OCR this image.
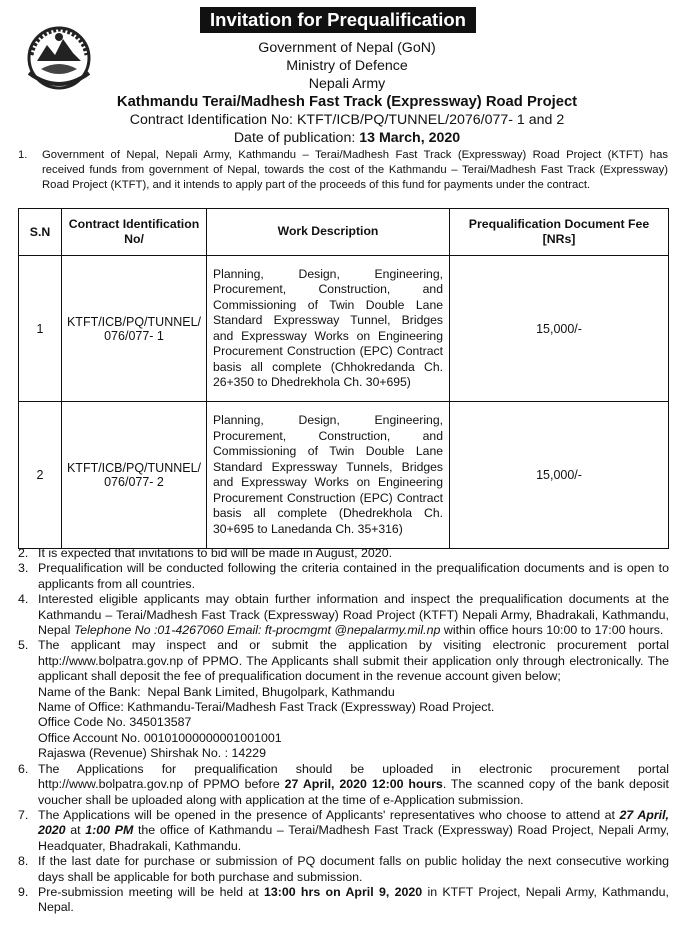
Invitation for Prequalification
Government of Nepal (GoN)
Ministry of Defence
Nepali Army
Kathmandu Terai/Madhesh Fast Track (Expressway) Road Project
Contract Identification No: KTFT/ICB/PQ/TUNNEL/2076/077- 1 and 2
Date of publication: 13 March, 2020
1. Government of Nepal, Nepali Army, Kathmandu – Terai/Madhesh Fast Track (Expressway) Road Project (KTFT) has received funds from government of Nepal, towards the cost of the Kathmandu – Terai/Madhesh Fast Track (Expressway) Road Project (KTFT), and it intends to apply part of the proceeds of this fund for payments under the contract.
S.N	Contract Identification No/	Work Description	Prequalification Document Fee [NRs]
1	KTFT/ICB/PQ/TUNNEL/ 076/077- 1	Planning, Design, Engineering, Procurement, Construction, and Commissioning of Twin Double Lane Standard Expressway Tunnel, Bridges and Expressway Works on Engineering Procurement Construction (EPC) Contract basis all complete (Chhokredanda Ch. 26+350 to Dhedrekhola Ch. 30+695)	15,000/-
2	KTFT/ICB/PQ/TUNNEL/ 076/077- 2	Planning, Design, Engineering, Procurement, Construction, and Commissioning of Twin Double Lane Standard Expressway Tunnels, Bridges and Expressway Works on Engineering Procurement Construction (EPC) Contract basis all complete (Dhedrekhola Ch. 30+695 to Lanedanda Ch. 35+316)	15,000/-
2. It is expected that invitations to bid will be made in August, 2020.
3. Prequalification will be conducted following the criteria contained in the prequalification documents and is open to applicants from all countries.
4. Interested eligible applicants may obtain further information and inspect the prequalification documents at the Kathmandu – Terai/Madhesh Fast Track (Expressway) Road Project (KTFT) Nepali Army, Bhadrakali, Kathmandu, Nepal Telephone No :01-4267060 Email: ft-procmgmt @nepalarmy.mil.np within office hours 10:00 to 17:00 hours.
5. The applicant may inspect and or submit the application by visiting electronic procurement portal http://www.bolpatra.gov.np of PPMO. The Applicants shall submit their application only through electronically. The applicant shall deposit the fee of prequalification document in the revenue account given below;
Name of the Bank:  Nepal Bank Limited, Bhugolpark, Kathmandu
Name of Office: Kathmandu-Terai/Madhesh Fast Track (Expressway) Road Project.
Office Code No. 345013587
Office Account No. 00101000000001001001
Rajaswa (Revenue) Shirshak No. : 14229
6. The Applications for prequalification should be uploaded in electronic procurement portal http://www.bolpatra.gov.np of PPMO before 27 April, 2020 12:00 hours. The scanned copy of the bank deposit voucher shall be uploaded along with application at the time of e-Application submission.
7. The Applications will be opened in the presence of Applicants' representatives who choose to attend at 27 April, 2020 at 1:00 PM the office of Kathmandu – Terai/Madhesh Fast Track (Expressway) Road Project, Nepali Army, Headquater, Bhadrakali, Kathmandu.
8. If the last date for purchase or submission of PQ document falls on public holiday the next consecutive working days shall be applicable for both purchase and submission.
9. Pre-submission meeting will be held at 13:00 hrs on April 9, 2020 in KTFT Project, Nepali Army, Kathmandu, Nepal.
